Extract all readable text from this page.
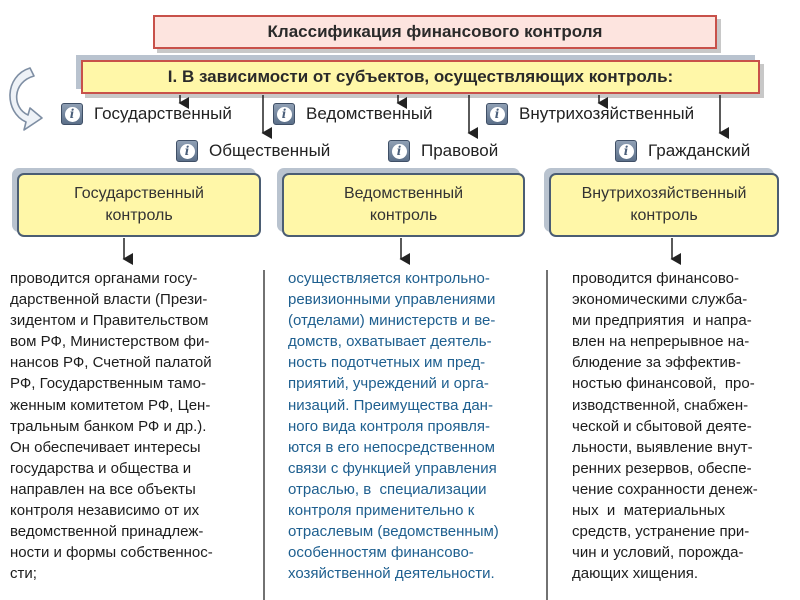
Классификация финансового контроля
I. В зависимости от субъектов, осуществляющих контроль:
i	Государственный	i	Ведомственный	i	Внутрихозяйственный
i	Общественный	i	Правовой	i	Гражданский
Государственный
контроль
Ведомственный
контроль
Внутрихозяйственный
контроль
проводится органами госу-
дарственной власти (Прези-
зидентом и Правительством
вом РФ, Министерством фи-
нансов РФ, Счетной палатой
РФ, Государственным тамо-
женным комитетом РФ, Цен-
тральным банком РФ и др.).
Он обеспечивает интересы
государства и общества и
направлен на все объекты
контроля независимо от их
ведомственной принадлеж-
ности и формы собственнос-
сти;
осуществляется контрольно-
ревизионными управлениями
(отделами) министерств и ве-
домств, охватывает деятель-
ность подотчетных им пред-
приятий, учреждений и орга-
низаций. Преимущества дан-
ного вида контроля проявля-
ются в его непосредственном
связи с функцией управления
отраслью, в  специализации
контроля применительно к
отраслевым (ведомственным)
особенностям финансово-
хозяйственной деятельности.
проводится финансово-
экономическими служба-
ми предприятия  и напра-
влен на непрерывное на-
блюдение за эффектив-
ностью финансовой,  про-
изводственной, снабжен-
ческой и сбытовой деяте-
льности, выявление внут-
ренних резервов, обеспе-
чение сохранности денеж-
ных  и  материальных
средств, устранение при-
чин и условий, порожда-
дающих хищения.
